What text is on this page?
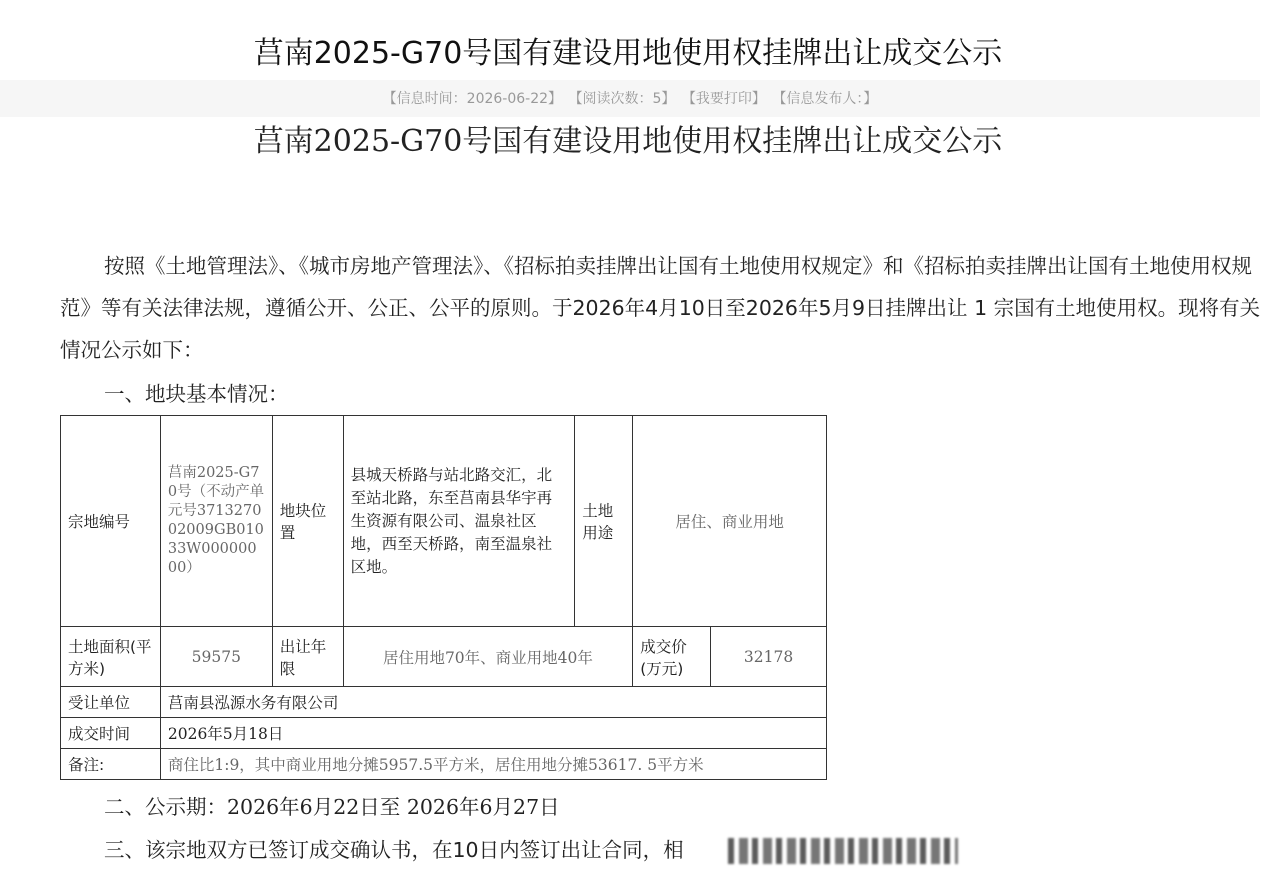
莒南2025-G70号国有建设用地使用权挂牌出让成交公示
【信息时间：2026-06-22】 【阅读次数：5】 【我要打印】 【信息发布人：】
莒南2025-G70号国有建设用地使用权挂牌出让成交公示

按照《土地管理法》、《城市房地产管理法》、《招标拍卖挂牌出让国有土地使用权规定》和《招标拍卖挂牌出让国有土地使用权规范》等有关法律法规，遵循公开、公正、公平的原则。于2026年4月10日至2026年5月9日挂牌出让 1 宗国有土地使用权。现将有关情况公示如下：

一、地块基本情况：

宗地编号	莒南2025-G70号（不动产单元号371327002009GB01033W00000000）	地块位置	县城天桥路与站北路交汇，北至站北路，东至莒南县华宇再生资源有限公司、温泉社区地，西至天桥路，南至温泉社区地。	土地用途	居住、商业用地	
土地面积(平方米)	59575	出让年限	居住用地70年、商业用地40年		成交价(万元)	32178
受让单位	莒南县泓源水务有限公司					
成交时间	2026年5月18日					
备注:	商住比1:9，其中商业用地分摊5957.5平方米，居住用地分摊53617. 5平方米					

二、公示期：2026年6月22日至 2026年6月27日

三、该宗地双方已签订成交确认书，在10日内签订出让合同，相
